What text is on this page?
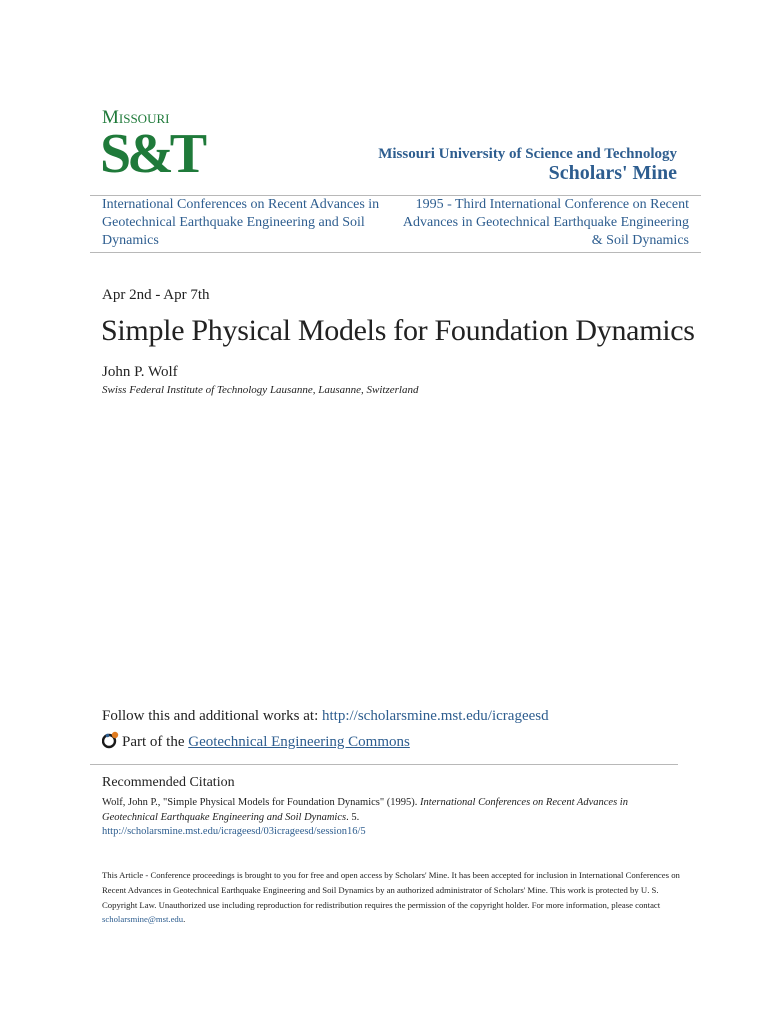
Missouri
S&T	Missouri University of Science and Technology
Scholars' Mine
International Conferences on Recent Advances in Geotechnical Earthquake Engineering and Soil Dynamics
1995 - Third International Conference on Recent Advances in Geotechnical Earthquake Engineering & Soil Dynamics
Apr 2nd - Apr 7th
Simple Physical Models for Foundation Dynamics
John P. Wolf
Swiss Federal Institute of Technology Lausanne, Lausanne, Switzerland
Follow this and additional works at: http://scholarsmine.mst.edu/icrageesd
Part of the Geotechnical Engineering Commons
Recommended Citation
Wolf, John P., "Simple Physical Models for Foundation Dynamics" (1995). International Conferences on Recent Advances in Geotechnical Earthquake Engineering and Soil Dynamics. 5.
http://scholarsmine.mst.edu/icrageesd/03icrageesd/session16/5
This Article - Conference proceedings is brought to you for free and open access by Scholars' Mine. It has been accepted for inclusion in International Conferences on Recent Advances in Geotechnical Earthquake Engineering and Soil Dynamics by an authorized administrator of Scholars' Mine. This work is protected by U. S. Copyright Law. Unauthorized use including reproduction for redistribution requires the permission of the copyright holder. For more information, please contact scholarsmine@mst.edu.
